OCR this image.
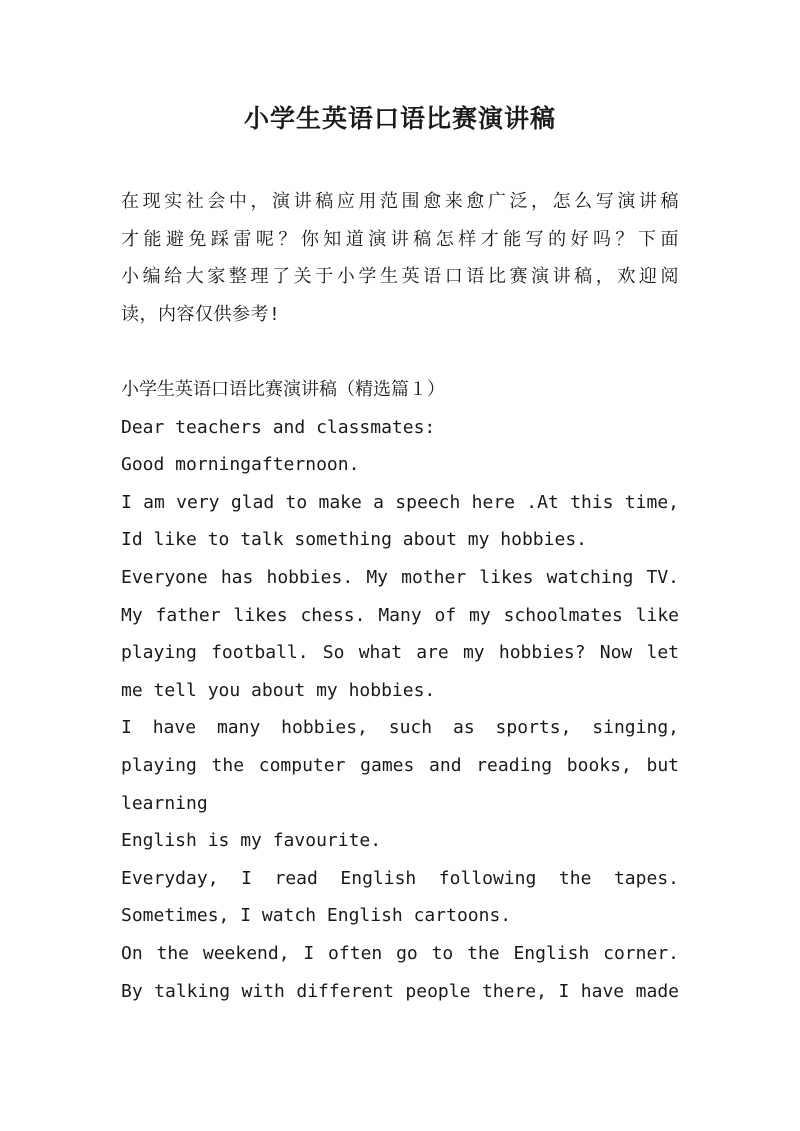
小学生英语口语比赛演讲稿
在现实社会中，演讲稿应用范围愈来愈广泛，怎么写演讲稿
才能避免踩雷呢？你知道演讲稿怎样才能写的好吗？下面
小编给大家整理了关于小学生英语口语比赛演讲稿，欢迎阅
读，内容仅供参考!
小学生英语口语比赛演讲稿（精选篇１）
Dear teachers and classmates:
Good morningafternoon.
I am very glad to make a speech here .At this time,
Id like to talk something about my hobbies.
Everyone has hobbies. My mother likes watching TV.
My father likes chess. Many of my schoolmates like
playing football. So what are my hobbies? Now let
me tell you about my hobbies.
I have many hobbies, such as sports, singing,
playing the computer games and reading books, but
learning
English is my favourite.
Everyday, I read English following the tapes.
Sometimes, I watch English cartoons.
On the weekend, I often go to the English corner.
By talking with different people there, I have made
